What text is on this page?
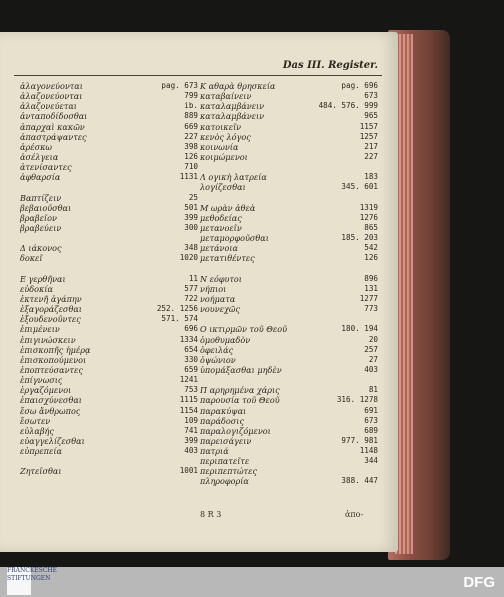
Das III. Register.
ἀλαγονεύονται	pag. 673
ἀλαζονεύονται	799
ἀλαζονεύεται	ib.
ἀνταποδίδοσθαι	889
ἀπαρχαὶ κακῶν	669
ἀπαστράψαντες	227
ἀρέσκω	398
ἀσέλγεια	126
ἀτενίσαντες	710
ἀφθαρσία	1131
Βαπτίζειν	25
βεβαιοῦσθαι	501
βραβεῖον	399
βραβεύειν	300
Δ ιάκονος	348
δοκεῖ	1020
Ε γερθῆναι	11
εὐδοκία	577
ἐκτενῆ ἀγάπην	722
ἐξαγοράζεσθαι	252. 1256
ἐξουδενοῦντες	571. 574
ἐπιμένειν	696
ἐπιγινώσκειν	1334
ἐπισκοπῆς ἡμέρᾳ	654
ἐπισκοπούμενοι	330
ἐποπτεύσαντες	659
ἐπίγνωσις	1241
ἐργαζόμενοι	753
ἐπαισχύνεσθαι	1115
ἔσω ἄνθρωπος	1154
ἔσωτεν	109
εὐλαβής	741
εὐαγγελίζεσθαι	399
εὐπρεπεία	403
Ζητεῖσθαι	1001
Κ αθαρὰ θρησκεία	pag. 696
καταβαίνειν	673
καταλαμβάνειν	484. 576. 999
καταλαμβάνειν	965
κατοικεῖν	1157
κενὸς λόγος	1257
κοινωνία	217
κοιμώμενοι	227
Λ ογικὴ λατρεία	183
λογίζεσθαι	345. 601
Μ ωρὰν ἀθεὰ	1319
μεθοδείας	1276
μετανοεῖν	865
μεταμορφοῦσθαι	185. 203
μετάνοια	542
μετατιθέντες	126
Ν εόφυτοι	896
νήπιοι	131
νοήματα	1277
νουνεχῶς	773
Ο ικτιρμῶν τοῦ Θεοῦ	180. 194
ὁμοθυμαδὸν	20
ὀφειλάς	257
ὀψώνιον	27
ὑπομάξασθαι μηδὲν	403
Π αρηρημένα χάρις	81
παρουσία τοῦ Θεοῦ	316. 1278
παρακύψαι	691
παράδοσις	673
παραλογιζόμενοι	689
παρεισάγειν	977. 981
πατριά	1148
περιπατεῖτε	344
περιπεπτώτες
πληροφορία	388. 447
8 R 3	ἀπο-
FRANCKESCHE STIFTUNGEN	DFG
